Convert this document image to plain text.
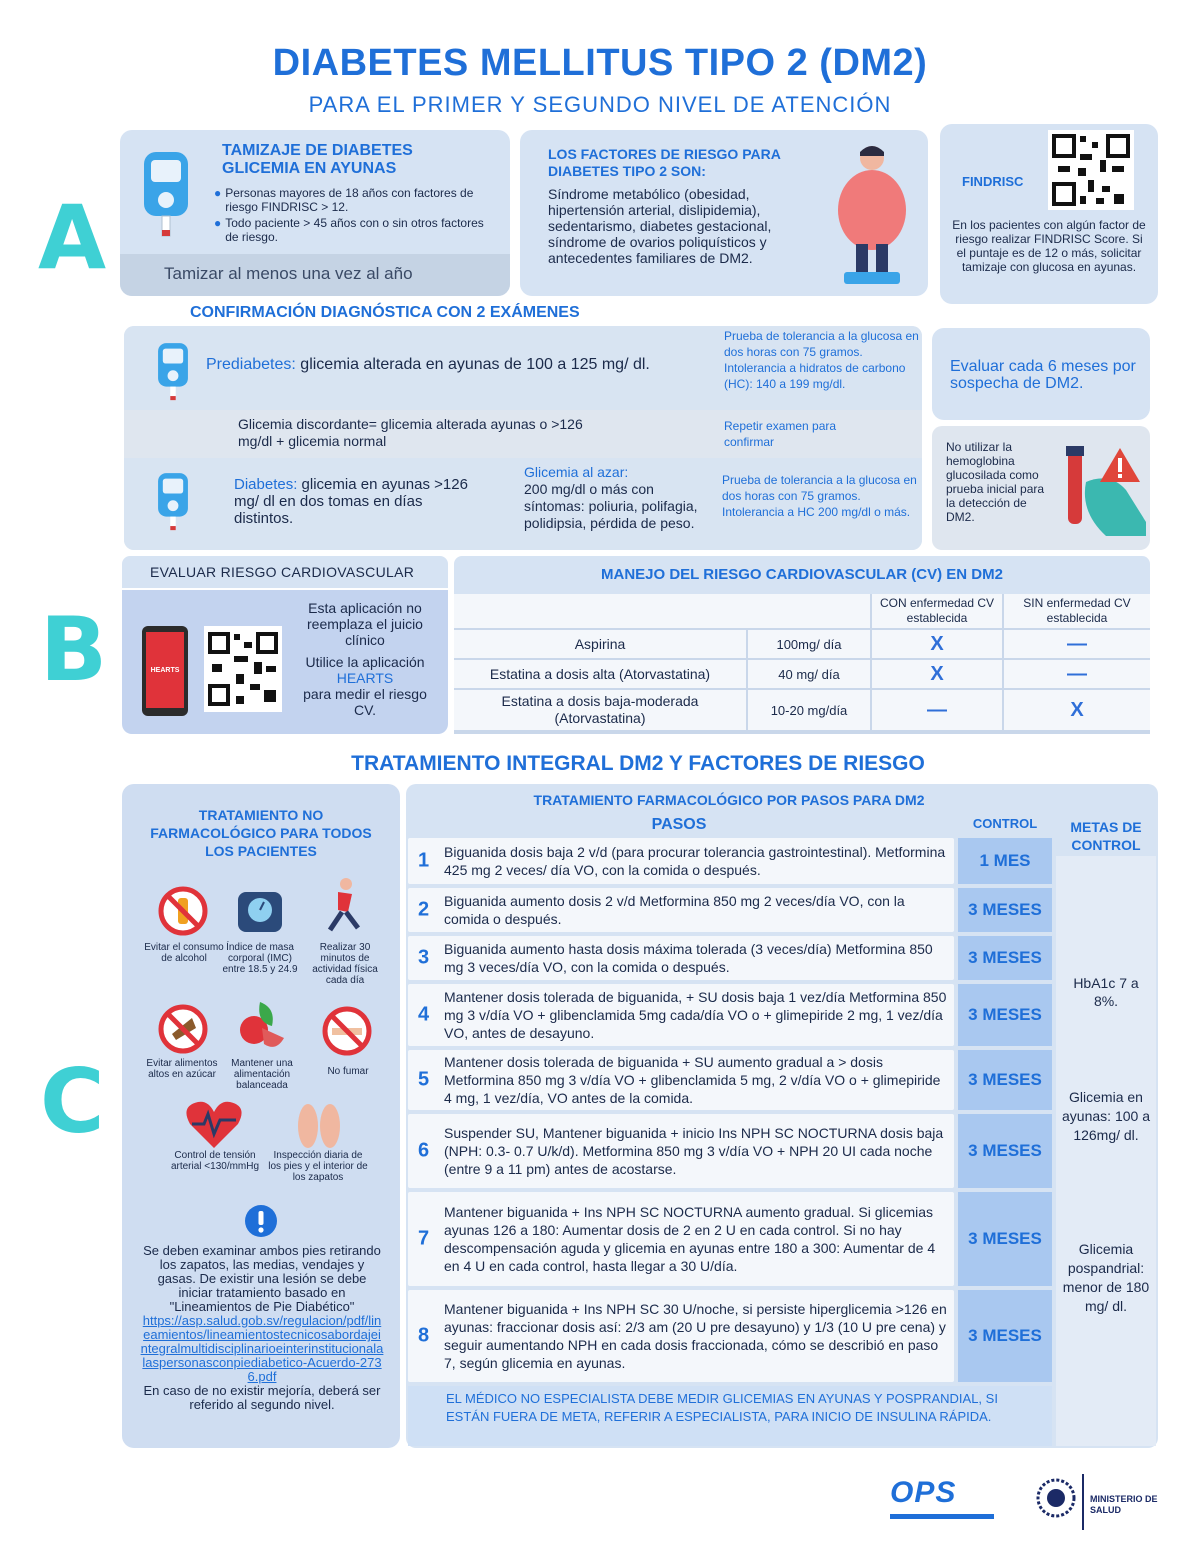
DIABETES MELLITUS TIPO 2 (DM2)
PARA EL PRIMER Y SEGUNDO NIVEL DE ATENCIÓN
A
TAMIZAJE DE DIABETES
GLICEMIA EN AYUNAS
● Personas mayores de 18 años con factores de riesgo FINDRISC > 12.
● Todo paciente > 45 años con o sin otros factores de riesgo.
Tamizar al menos una vez al año
LOS FACTORES DE RIESGO PARA
DIABETES TIPO 2 SON:
Síndrome metabólico (obesidad, hipertensión arterial, dislipidemia), sedentarismo, diabetes gestacional, síndrome de ovarios poliquísticos y antecedentes familiares de DM2.
FINDRISC
En los pacientes con algún factor de riesgo realizar FINDRISC Score. Si el puntaje es de 12 o más, solicitar tamizaje con glucosa en ayunas.
CONFIRMACIÓN DIAGNÓSTICA CON 2 EXÁMENES
Prediabetes: glicemia alterada en ayunas de 100 a 125 mg/ dl.
Prueba de tolerancia a la glucosa en dos horas con 75 gramos. Intolerancia a hidratos de carbono (HC): 140 a 199 mg/dl.
Glicemia discordante= glicemia alterada ayunas o >126 mg/dl + glicemia normal
Repetir examen para confirmar
Diabetes: glicemia en ayunas >126 mg/ dl en dos tomas en días distintos.
Glicemia al azar:
200 mg/dl o más con síntomas: poliuria, polifagia, polidipsia, pérdida de peso.
Prueba de tolerancia a la glucosa en dos horas con 75 gramos. Intolerancia a HC 200 mg/dl o más.
Evaluar cada 6 meses por sospecha de DM2.
No utilizar la hemoglobina glucosilada como prueba inicial para la detección de DM2.
B
EVALUAR RIESGO CARDIOVASCULAR
HEARTS
Esta aplicación no reemplaza el juicio clínico
Utilice la aplicación
HEARTS
para medir el riesgo CV.
MANEJO DEL RIESGO CARDIOVASCULAR (CV) EN DM2
CON enfermedad CV establecida
SIN enfermedad CV establecida
Aspirina	100mg/ día	X	—
Estatina a dosis alta (Atorvastatina)	40 mg/ día	X	—
Estatina a dosis baja-moderada (Atorvastatina)	10-20 mg/día	—	X
TRATAMIENTO INTEGRAL DM2 Y FACTORES DE RIESGO
C
TRATAMIENTO NO FARMACOLÓGICO PARA TODOS LOS PACIENTES
Evitar el consumo de alcohol
Índice de masa corporal (IMC) entre 18.5 y 24.9
Realizar 30 minutos de actividad física cada día
Evitar alimentos altos en azúcar
Mantener una alimentación balanceada
No fumar
Control de tensión arterial <130/mmHg
Inspección diaria de los pies y el interior de los zapatos
Se deben examinar ambos pies retirando los zapatos, las medias, vendajes y gasas. De existir una lesión se debe iniciar tratamiento basado en "Lineamientos de Pie Diabético"
https://asp.salud.gob.sv/regulacion/pdf/lineamientos/lineamientostecnicosabordajeintegralmultidisciplinarioeinterinstitucionalalaspersonasconpiediabetico-Acuerdo-2736.pdf
En caso de no existir mejoría, deberá ser referido al segundo nivel.
TRATAMIENTO FARMACOLÓGICO POR PASOS PARA DM2
PASOS	CONTROL	METAS DE CONTROL
1 Biguanida dosis baja 2 v/d (para procurar tolerancia gastrointestinal). Metformina 425 mg 2 veces/ día VO, con la comida o después.	1 MES
2 Biguanida aumento dosis 2 v/d Metformina 850 mg 2 veces/día VO, con la comida o después.	3 MESES
3 Biguanida aumento hasta dosis máxima tolerada (3 veces/día) Metformina 850 mg 3 veces/día VO, con la comida o después.	3 MESES
4
Mantener dosis tolerada de biguanida, + SU dosis baja 1 vez/día Metformina 850 mg 3 v/día VO + glibenclamida 5mg cada/día VO o + glimepiride 2 mg, 1 vez/día VO, antes de desayuno.
3 MESES
5
Mantener dosis tolerada de biguanida + SU aumento gradual a > dosis Metformina 850 mg 3 v/día VO + glibenclamida 5 mg, 2 v/día VO o + glimepiride 4 mg, 1 vez/día, VO antes de la comida.
3 MESES
6
Suspender SU, Mantener biguanida + inicio Ins NPH SC NOCTURNA dosis baja (NPH: 0.3- 0.7 U/k/d). Metformina 850 mg 3 v/día VO + NPH 20 UI cada noche (entre 9 a 11 pm) antes de acostarse.
3 MESES
7
Mantener biguanida + Ins NPH SC NOCTURNA aumento gradual. Si glicemias ayunas 126 a 180: Aumentar dosis de 2 en 2 U en cada control. Si no hay descompensación aguda y glicemia en ayunas entre 180 a 300: Aumentar de 4 en 4 U en cada control, hasta llegar a 30 U/día.
3 MESES
8
Mantener biguanida + Ins NPH SC 30 U/noche, si persiste hiperglicemia >126 en ayunas: fraccionar dosis así: 2/3 am (20 U pre desayuno) y 1/3 (10 U pre cena) y seguir aumentando NPH en cada dosis fraccionada, cómo se describió en paso 7, según glicemia en ayunas.
3 MESES
EL MÉDICO NO ESPECIALISTA DEBE MEDIR GLICEMIAS EN AYUNAS Y POSPRANDIAL, SI ESTÁN FUERA DE META, REFERIR A ESPECIALISTA, PARA INICIO DE INSULINA RÁPIDA.
HbA1c 7 a 8%.
Glicemia en ayunas: 100 a 126mg/ dl.
Glicemia pospandrial: menor de 180 mg/ dl.
OPS	MINISTERIO DE SALUD
